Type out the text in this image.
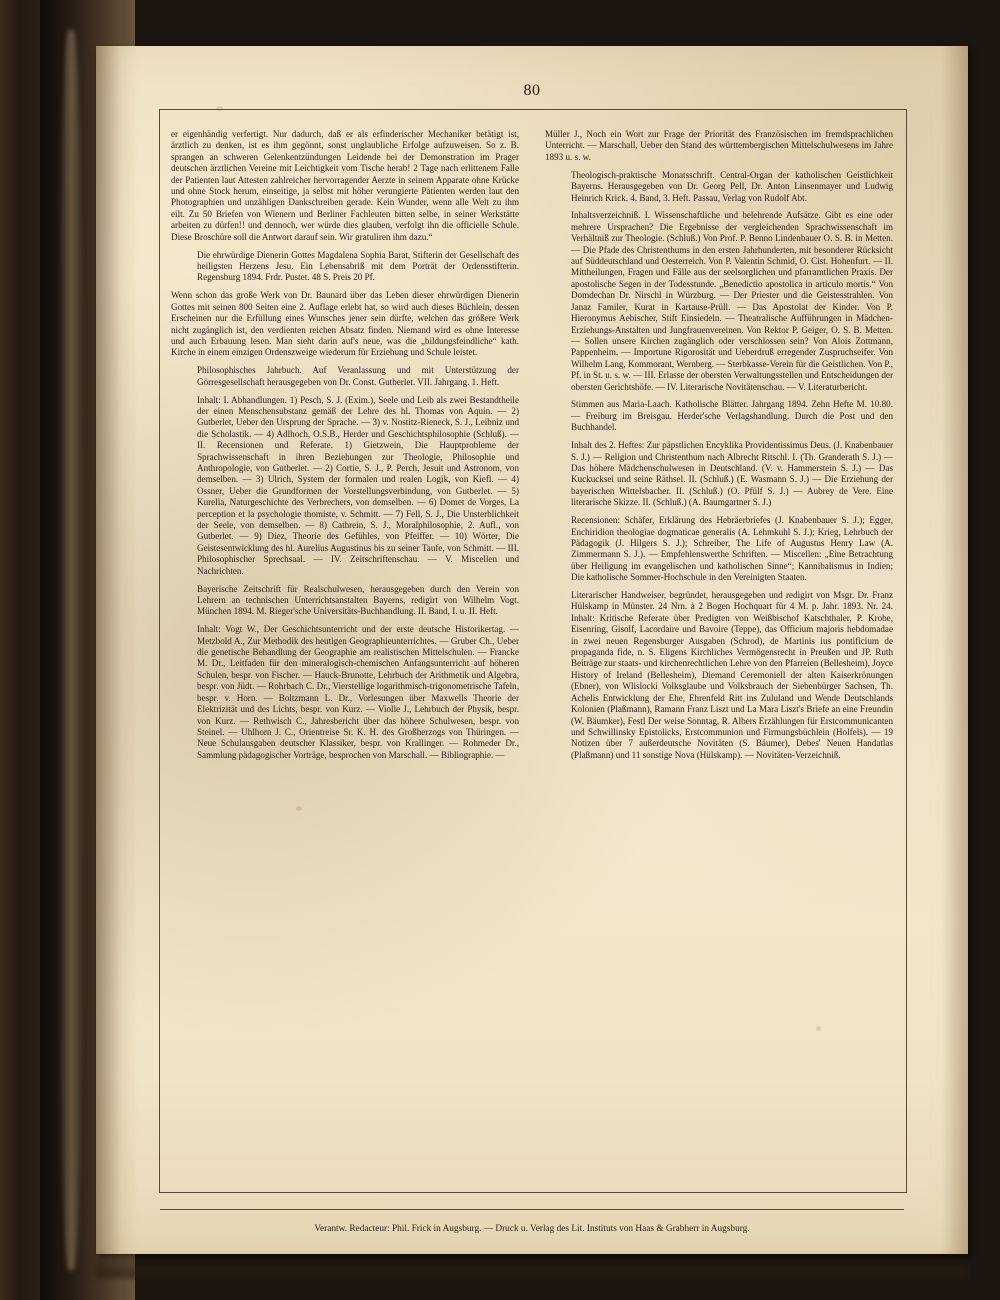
80

er eigenhändig verfertigt. Nur dadurch, daß er als erfinderischer Mechaniker betätigt ist, ärztlich zu denken, ist es ihm gegönnt, sonst unglaubliche Erfolge aufzuweisen. So z. B. sprangen an schweren Gelenkentzündungen Leidende bei der Demonstration im Prager deutschen ärztlichen Vereine mit Leichtigkeit vom Tische herab! 2 Tage nach erlittenem Falle der Patienten laut Attesten zahlreicher hervorragender Aerzte in seinem Apparate ohne Krücke und ohne Stock herum, einseitige, ja selbst mit höher verungierte Patienten werden laut den Photographien und unzähligen Dankschreiben gerade. Kein Wunder, wenn alle Welt zu ihm eilt. Zu 50 Briefen von Wienern und Berliner Fachleuten bitten selbe, in seiner Werkstätte arbeiten zu dürfen!! und dennoch, wer würde dies glauben, verfolgt ihn die officielle Schule. Diese Broschüre soll die Antwort darauf sein. Wir gratuliren ihm dazu.“

Die ehrwürdige Dienerin Gottes Magdalena Sophia Barat, Stifterin der Gesellschaft des heiligsten Herzens Jesu. Ein Lebensabriß mit dem Porträt der Ordensstifterin. Regensburg 1894. Frdr. Pustet. 48 S. Preis 20 Pf.

Wenn schon das große Werk von Dr. Baunard über das Leben dieser ehrwürdigen Dienerin Gottes mit seinen 800 Seiten eine 2. Auflage erlebt hat, so wird auch dieses Büchlein, dessen Erscheinen nur die Erfüllung eines Wunsches jener sein dürfte, welchen das größere Werk nicht zugänglich ist, den verdienten reichen Absatz finden. Niemand wird es ohne Interesse und auch Erbauung lesen. Man sieht darin auf's neue, was die „bildungsfeindliche“ kath. Kirche in einem einzigen Ordenszweige wiederum für Erziehung und Schule leistet.

Philosophisches Jahrbuch. Auf Veranlassung und mit Unterstützung der Görresgesellschaft herausgegeben von Dr. Const. Gutberlet. VII. Jahrgang. 1. Heft.

Inhalt: I. Abhandlungen. 1) Pesch, S. J. (Exim.), Seele und Leib als zwei Bestandtheile der einen Menschensubstanz gemäß der Lehre des hl. Thomas von Aquin. — 2) Gutberlet, Ueber den Ursprung der Sprache. — 3) v. Nostitz-Rieneck, S. J., Leibniz und die Scholastik. — 4) Adlhoch, O.S.B., Herder und Geschichtsphilosophie (Schluß). — II. Recensionen und Referate. 1) Gietzwein, Die Hauptprobleme der Sprachwissenschaft in ihren Beziehungen zur Theologie, Philosophie und Anthropologie, von Gutberlet. — 2) Cortie, S. J., P. Perch, Jesuit und Astronom, von demselben. — 3) Ulrich, System der formalen und realen Logik, von Kiefl. — 4) Ossner, Ueber die Grundformen der Vorstellungsverbindung, von Gutberlet. — 5) Kurella, Naturgeschichte des Verbrechers, von demselben. — 6) Domet de Vorges, La perception et la psychologie thomiste, v. Schmitt. — 7) Fell, S. J., Die Unsterblichkeit der Seele, von demselben. — 8) Cathrein, S. J., Moralphilosophie, 2. Aufl., von Gutberlet. — 9) Diez, Theorie des Gefühles, von Pfeiffer. — 10) Wörter, Die Geistesentwicklung des hl. Aurelius Augustinus bis zu seiner Taufe, von Schmitt. — III. Philosophischer Sprechsaal. — IV. Zeitschriftenschau. — V. Miscellen und Nachrichten.

Bayerische Zeitschrift für Realschulwesen, herausgegeben durch den Verein von Lehrern an technischen Unterrichtsanstalten Bayerns, redigirt von Wilhelm Vogt. München 1894. M. Rieger'sche Universitäts-Buchhandlung. II. Band, I. u. II. Heft.

Inhalt: Vogt W., Der Geschichtsunterricht und der erste deutsche Historikertag. — Metzbold A., Zur Methodik des heutigen Geographieunterrichtes. — Gruber Ch., Ueber die genetische Behandlung der Geographie am realistischen Mittelschulen. — Francke M. Dr., Leitfaden für den mineralogisch-chemischen Anfangsunterricht auf höheren Schulen, bespr. von Fischer. — Hauck-Brunotte, Lehrbuch der Arithmetik und Algebra, bespr. von Jüdt. — Rohrbach C. Dr., Vierstellige logarithmisch-trigonometrische Tafeln, bespr. v. Horn. — Boltzmann L. Dr., Vorlesungen über Maxwells Theorie der Elektrizität und des Lichts, bespr. von Kurz. — Violle J., Lehrbuch der Physik, bespr. von Kurz. — Rethwisch C., Jahresbericht über das höhere Schulwesen, bespr. von Steinel. — Uhlhorn J. C., Orientreise Sr. K. H. des Großherzogs von Thüringen. — Neue Schulausgaben deutscher Klassiker, bespr. von Krallinger. — Rohmeder Dr., Sammlung pädagogischer Vorträge, besprochen von Marschall. — Bibliographie. —

Müller J., Noch ein Wort zur Frage der Priorität des Französischen im fremdsprachlichen Unterricht. — Marschall, Ueber den Stand des württembergischen Mittelschulwesens im Jahre 1893 u. s. w.

Theologisch-praktische Monatsschrift. Central-Organ der katholischen Geistlichkeit Bayerns. Herausgegeben von Dr. Georg Pell, Dr. Anton Linsenmayer und Ludwig Heinrich Krick. 4. Band, 3. Heft. Passau, Verlag von Rudolf Abt.

Inhaltsverzeichniß. I. Wissenschaftliche und belehrende Aufsätze. Gibt es eine oder mehrere Ursprachen? Die Ergebnisse der vergleichenden Sprachwissenschaft im Verhältniß zur Theologie. (Schluß.) Von Prof. P. Benno Lindenbauer O. S. B. in Metten. — Die Pfade des Christenthums in den ersten Jahrhunderten, mit besonderer Rücksicht auf Süddeutschland und Oesterreich. Von P. Valentin Schmid, O. Cist. Hohenfurt. — II. Mittheilungen, Fragen und Fälle aus der seelsorglichen und pfarramtlichen Praxis. Der apostolische Segen in der Todesstunde. „Benedictio apostolica in articulo mortis.“ Von Domdechan Dr. Nirschl in Würzburg. — Der Priester und die Geistesstrahlen. Von Janaz Familer, Kurat in Kartause-Prüll. — Das Apostolat der Kinder. Von P. Hieronymus Aebischer, Stift Einsiedeln. — Theatralische Aufführungen in Mädchen-Erziehungs-Anstalten und Jungfrauenvereinen. Von Rektor P. Geiger, O. S. B. Metten. — Sollen unsere Kirchen zugänglich oder verschlossen sein? Von Alois Zottmann, Pappenheim. — Importune Rigorosität und Ueberdruß erregender Zuspruchseifer. Von Wilhelm Lang, Kommorant, Wernberg. — Sterbkasse-Verein für die Geistlichen. Von P., Pf. in St. u. s. w. — III. Erlasse der obersten Verwaltungsstellen und Entscheidungen der obersten Gerichtshöfe. — IV. Literarische Novitätenschau. — V. Literaturbericht.

Stimmen aus Maria-Laach. Katholische Blätter. Jahrgang 1894. Zehn Hefte M. 10.80. — Freiburg im Breisgau. Herder'sche Verlagshandlung. Durch die Post und den Buchhandel.

Inhalt des 2. Heftes: Zur päpstlichen Encyklika Providentissimus Deus. (J. Knabenbauer S. J.) — Religion und Christenthum nach Albrecht Ritschl. I. (Th. Granderath S. J.) — Das höhere Mädchenschulwesen in Deutschland. (V. v. Hammerstein S. J.) — Das Kuckucksei und seine Räthsel. II. (Schluß.) (E. Wasmann S. J.) — Die Erziehung der bayerischen Wittelsbacher. II. (Schluß.) (O. Pfülf S. J.) — Aubrey de Vere. Eine literarische Skizze. II. (Schluß.) (A. Baumgartner S. J.)

Recensionen: Schäfer, Erklärung des Hebräerbriefes (J. Knabenbauer S. J.); Egger, Enchiridion theologiae dogmaticae generalis (A. Lehmkuhl S. J.); Krieg, Lehrbuch der Pädagogik (J. Hilgers S. J.); Schreiber, The Life of Augustus Henry Law (A. Zimmermann S. J.). — Empfehlenswerthe Schriften. — Miscellen: „Eine Betrachtung über Heiligung im evangelischen und katholischen Sinne“; Kannibalismus in Indien; Die katholische Sommer-Hochschule in den Vereinigten Staaten.

Literarischer Handweiser, begründet, herausgegeben und redigirt von Msgr. Dr. Franz Hülskamp in Münster. 24 Nrn. à 2 Bogen Hochquart für 4 M. p. Jahr. 1893. Nr. 24. Inhalt: Kritische Referate über Predigten von Weißbischof Katschthaler, P. Krobe, Eisenring, Gisolf, Lacordaire und Bavoire (Teppe), das Officium majoris hebdomadae in zwei neuen Regensburger Ausgaben (Schrod), de Martinis ius pontificium de propaganda fide, n. S. Eligens Kirchliches Vermögensrecht in Preußen und JP. Ruth Beiträge zur staats- und kirchenrechtlichen Lehre von den Pfarreien (Bellesheim), Joyce History of Ireland (Bellesheim), Diemand Ceremoniell der alten Kaiserkrönungen (Ebner), von Wlislocki Volksglaube und Volksbrauch der Siebenbürger Sachsen, Th. Achelis Entwicklung der Ehe, Ehrenfeld Ritt ins Zululand und Wende Deutschlands Kolonien (Plaßmann), Ramann Franz Liszt und La Mara Liszt's Briefe an eine Freundin (W. Bäumker), Festl Der weise Sonntag, R. Albers Erzählungen für Erstcommunicanten und Schwillinsky Epistolicks, Erstcommunion und Firmungsbüchlein (Holfels). — 19 Notizen über 7 außerdeutsche Novitäten (S. Bäumer), Debes' Neuen Handatlas (Plaßmann) und 11 sonstige Nova (Hülskamp). — Novitäten-Verzeichniß.

Verantw. Redacteur: Phil. Frick in Augsburg. — Druck u. Verlag des Lit. Instituts von Haas & Grabherr in Augsburg.
